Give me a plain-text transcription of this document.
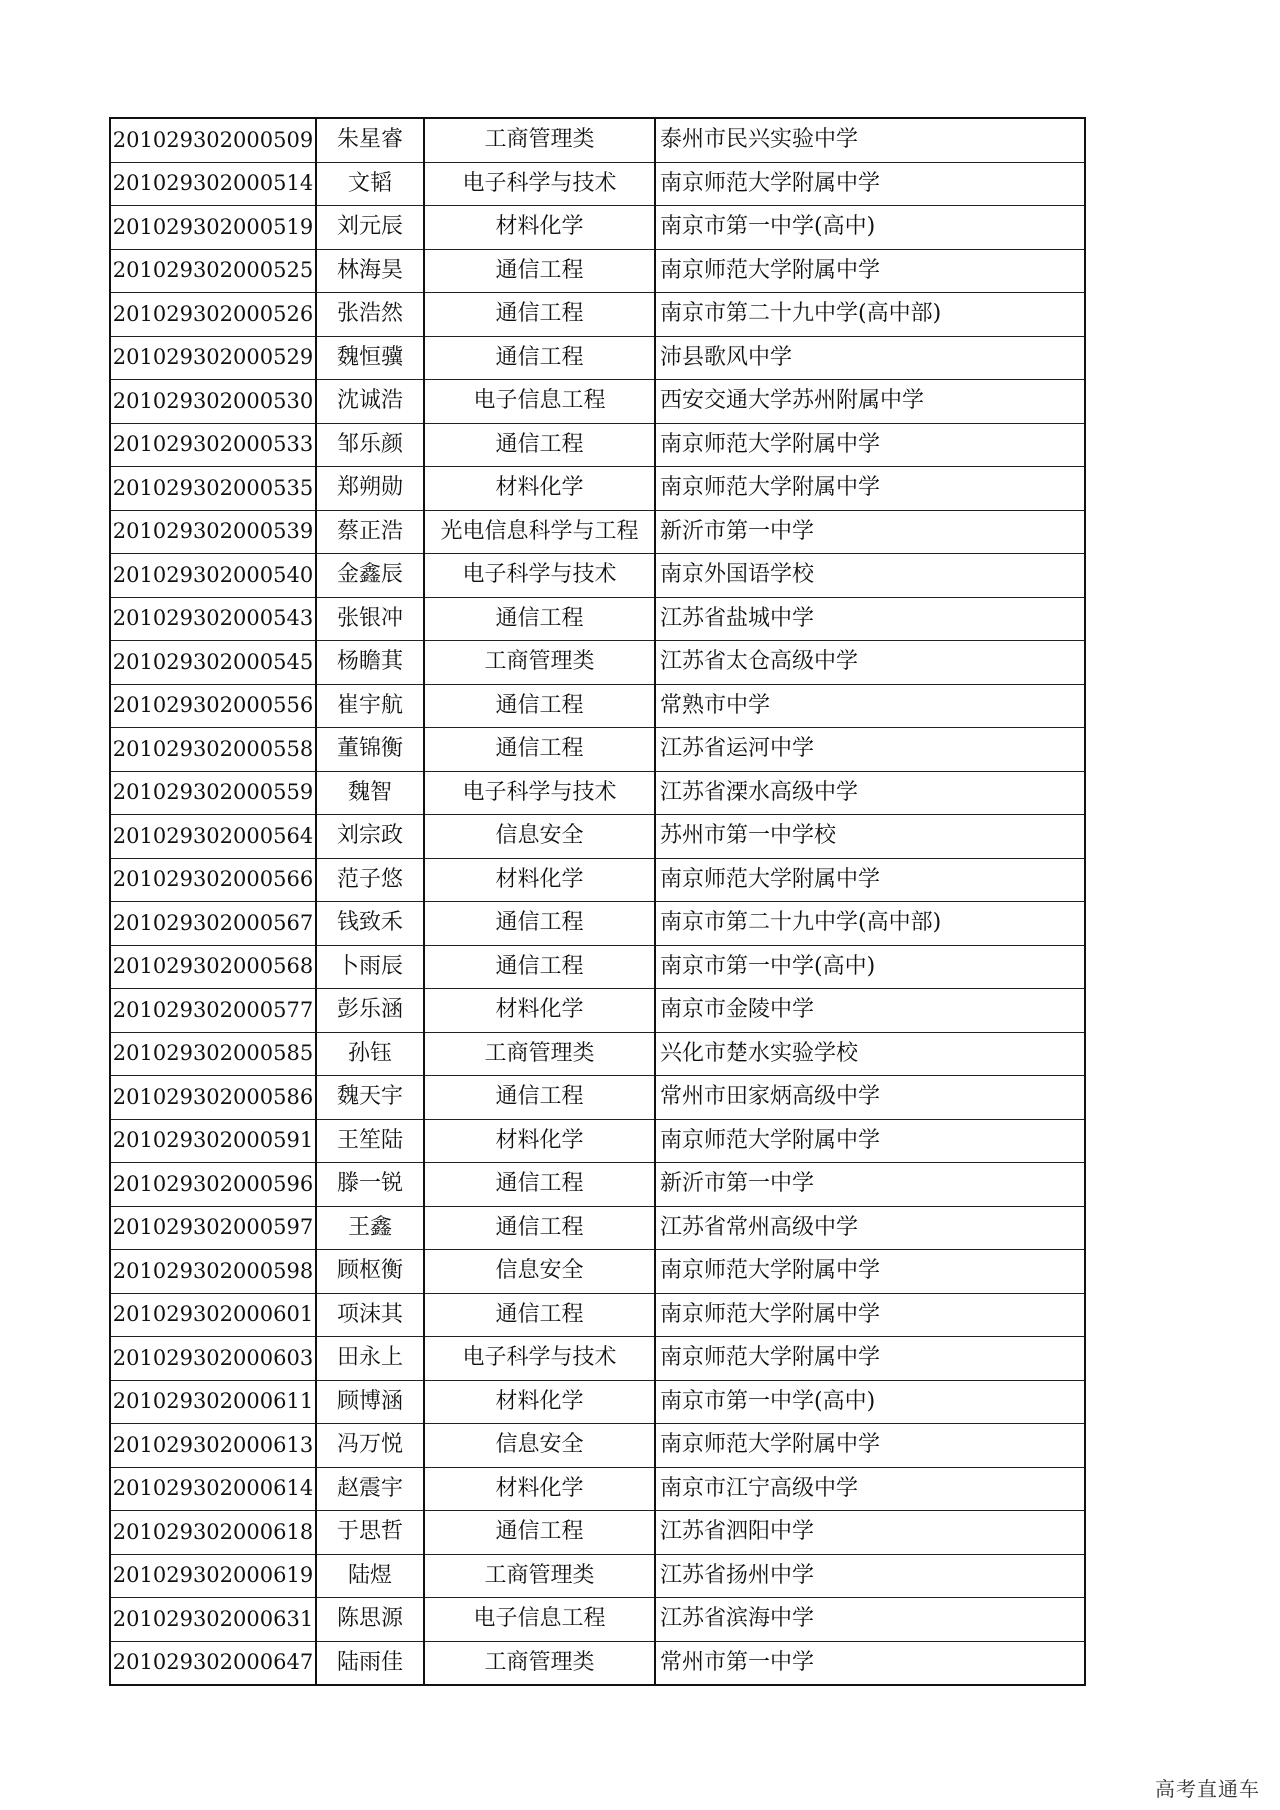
201029302000509	朱星睿	工商管理类	泰州市民兴实验中学
201029302000514	文韬	电子科学与技术	南京师范大学附属中学
201029302000519	刘元辰	材料化学	南京市第一中学(高中)
201029302000525	林海昊	通信工程	南京师范大学附属中学
201029302000526	张浩然	通信工程	南京市第二十九中学(高中部)
201029302000529	魏恒骥	通信工程	沛县歌风中学
201029302000530	沈诚浩	电子信息工程	西安交通大学苏州附属中学
201029302000533	邹乐颜	通信工程	南京师范大学附属中学
201029302000535	郑朔勋	材料化学	南京师范大学附属中学
201029302000539	蔡正浩	光电信息科学与工程	新沂市第一中学
201029302000540	金鑫辰	电子科学与技术	南京外国语学校
201029302000543	张银冲	通信工程	江苏省盐城中学
201029302000545	杨瞻萁	工商管理类	江苏省太仓高级中学
201029302000556	崔宇航	通信工程	常熟市中学
201029302000558	董锦衡	通信工程	江苏省运河中学
201029302000559	魏智	电子科学与技术	江苏省溧水高级中学
201029302000564	刘宗政	信息安全	苏州市第一中学校
201029302000566	范子悠	材料化学	南京师范大学附属中学
201029302000567	钱致禾	通信工程	南京市第二十九中学(高中部)
201029302000568	卜雨辰	通信工程	南京市第一中学(高中)
201029302000577	彭乐涵	材料化学	南京市金陵中学
201029302000585	孙钰	工商管理类	兴化市楚水实验学校
201029302000586	魏天宇	通信工程	常州市田家炳高级中学
201029302000591	王笙陆	材料化学	南京师范大学附属中学
201029302000596	滕一锐	通信工程	新沂市第一中学
201029302000597	王鑫	通信工程	江苏省常州高级中学
201029302000598	顾枢衡	信息安全	南京师范大学附属中学
201029302000601	项沫其	通信工程	南京师范大学附属中学
201029302000603	田永上	电子科学与技术	南京师范大学附属中学
201029302000611	顾博涵	材料化学	南京市第一中学(高中)
201029302000613	冯万悦	信息安全	南京师范大学附属中学
201029302000614	赵震宇	材料化学	南京市江宁高级中学
201029302000618	于思哲	通信工程	江苏省泗阳中学
201029302000619	陆煜	工商管理类	江苏省扬州中学
201029302000631	陈思源	电子信息工程	江苏省滨海中学
201029302000647	陆雨佳	工商管理类	常州市第一中学
高考直通车
